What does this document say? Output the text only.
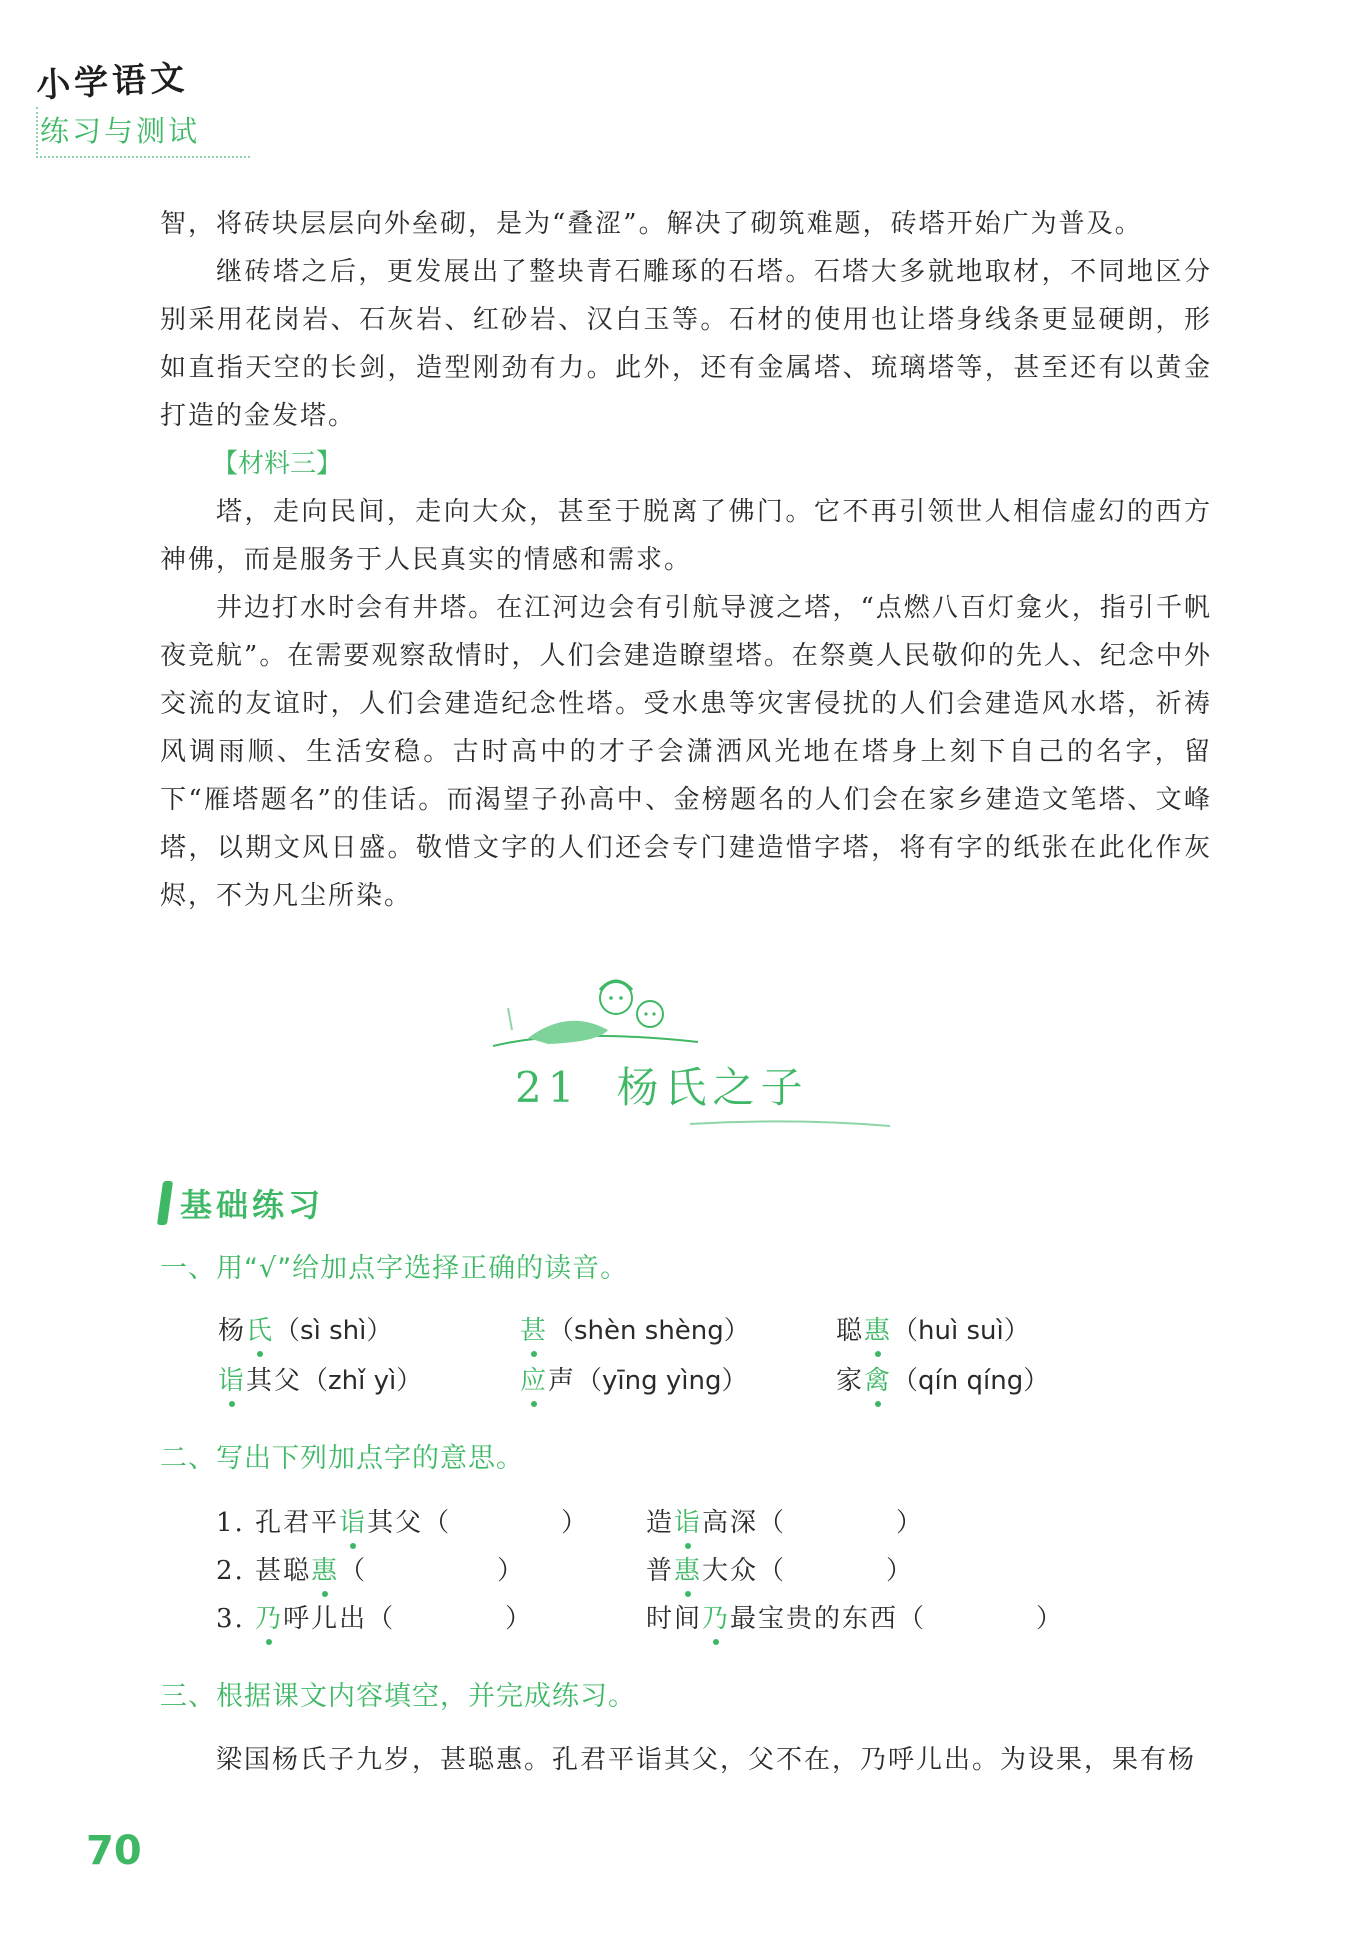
小学语文
练习与测试

智，将砖块层层向外垒砌，是为“叠涩”。解决了砌筑难题，砖塔开始广为普及。

继砖塔之后，更发展出了整块青石雕琢的石塔。石塔大多就地取材，不同地区分别采用花岗岩、石灰岩、红砂岩、汉白玉等。石材的使用也让塔身线条更显硬朗，形如直指天空的长剑，造型刚劲有力。此外，还有金属塔、琉璃塔等，甚至还有以黄金打造的金发塔。

【材料三】

塔，走向民间，走向大众，甚至于脱离了佛门。它不再引领世人相信虚幻的西方神佛，而是服务于人民真实的情感和需求。

井边打水时会有井塔。在江河边会有引航导渡之塔，“点燃八百灯龛火，指引千帆夜竞航”。在需要观察敌情时，人们会建造瞭望塔。在祭奠人民敬仰的先人、纪念中外交流的友谊时，人们会建造纪念性塔。受水患等灾害侵扰的人们会建造风水塔，祈祷风调雨顺、生活安稳。古时高中的才子会潇洒风光地在塔身上刻下自己的名字，留下“雁塔题名”的佳话。而渴望子孙高中、金榜题名的人们会在家乡建造文笔塔、文峰塔，以期文风日盛。敬惜文字的人们还会专门建造惜字塔，将有字的纸张在此化作灰烬，不为凡尘所染。

21 杨氏之子
基础练习
一、用“√”给加点字选择正确的读音。
杨氏（sì shì）	甚（shèn shèng）	聪惠（huì suì）
诣其父（zhǐ yì）	应声（yīng yìng）	家禽（qín qíng）
二、写出下列加点字的意思。
1. 孔君平诣其父（	） 造诣高深（	）
2. 甚聪惠（	）	普惠大众（	）
3. 乃呼儿出（	）	时间乃最宝贵的东西（	）
三、根据课文内容填空，并完成练习。

梁国杨氏子九岁，甚聪惠。孔君平诣其父，父不在，乃呼儿出。为设果，果有杨

70
